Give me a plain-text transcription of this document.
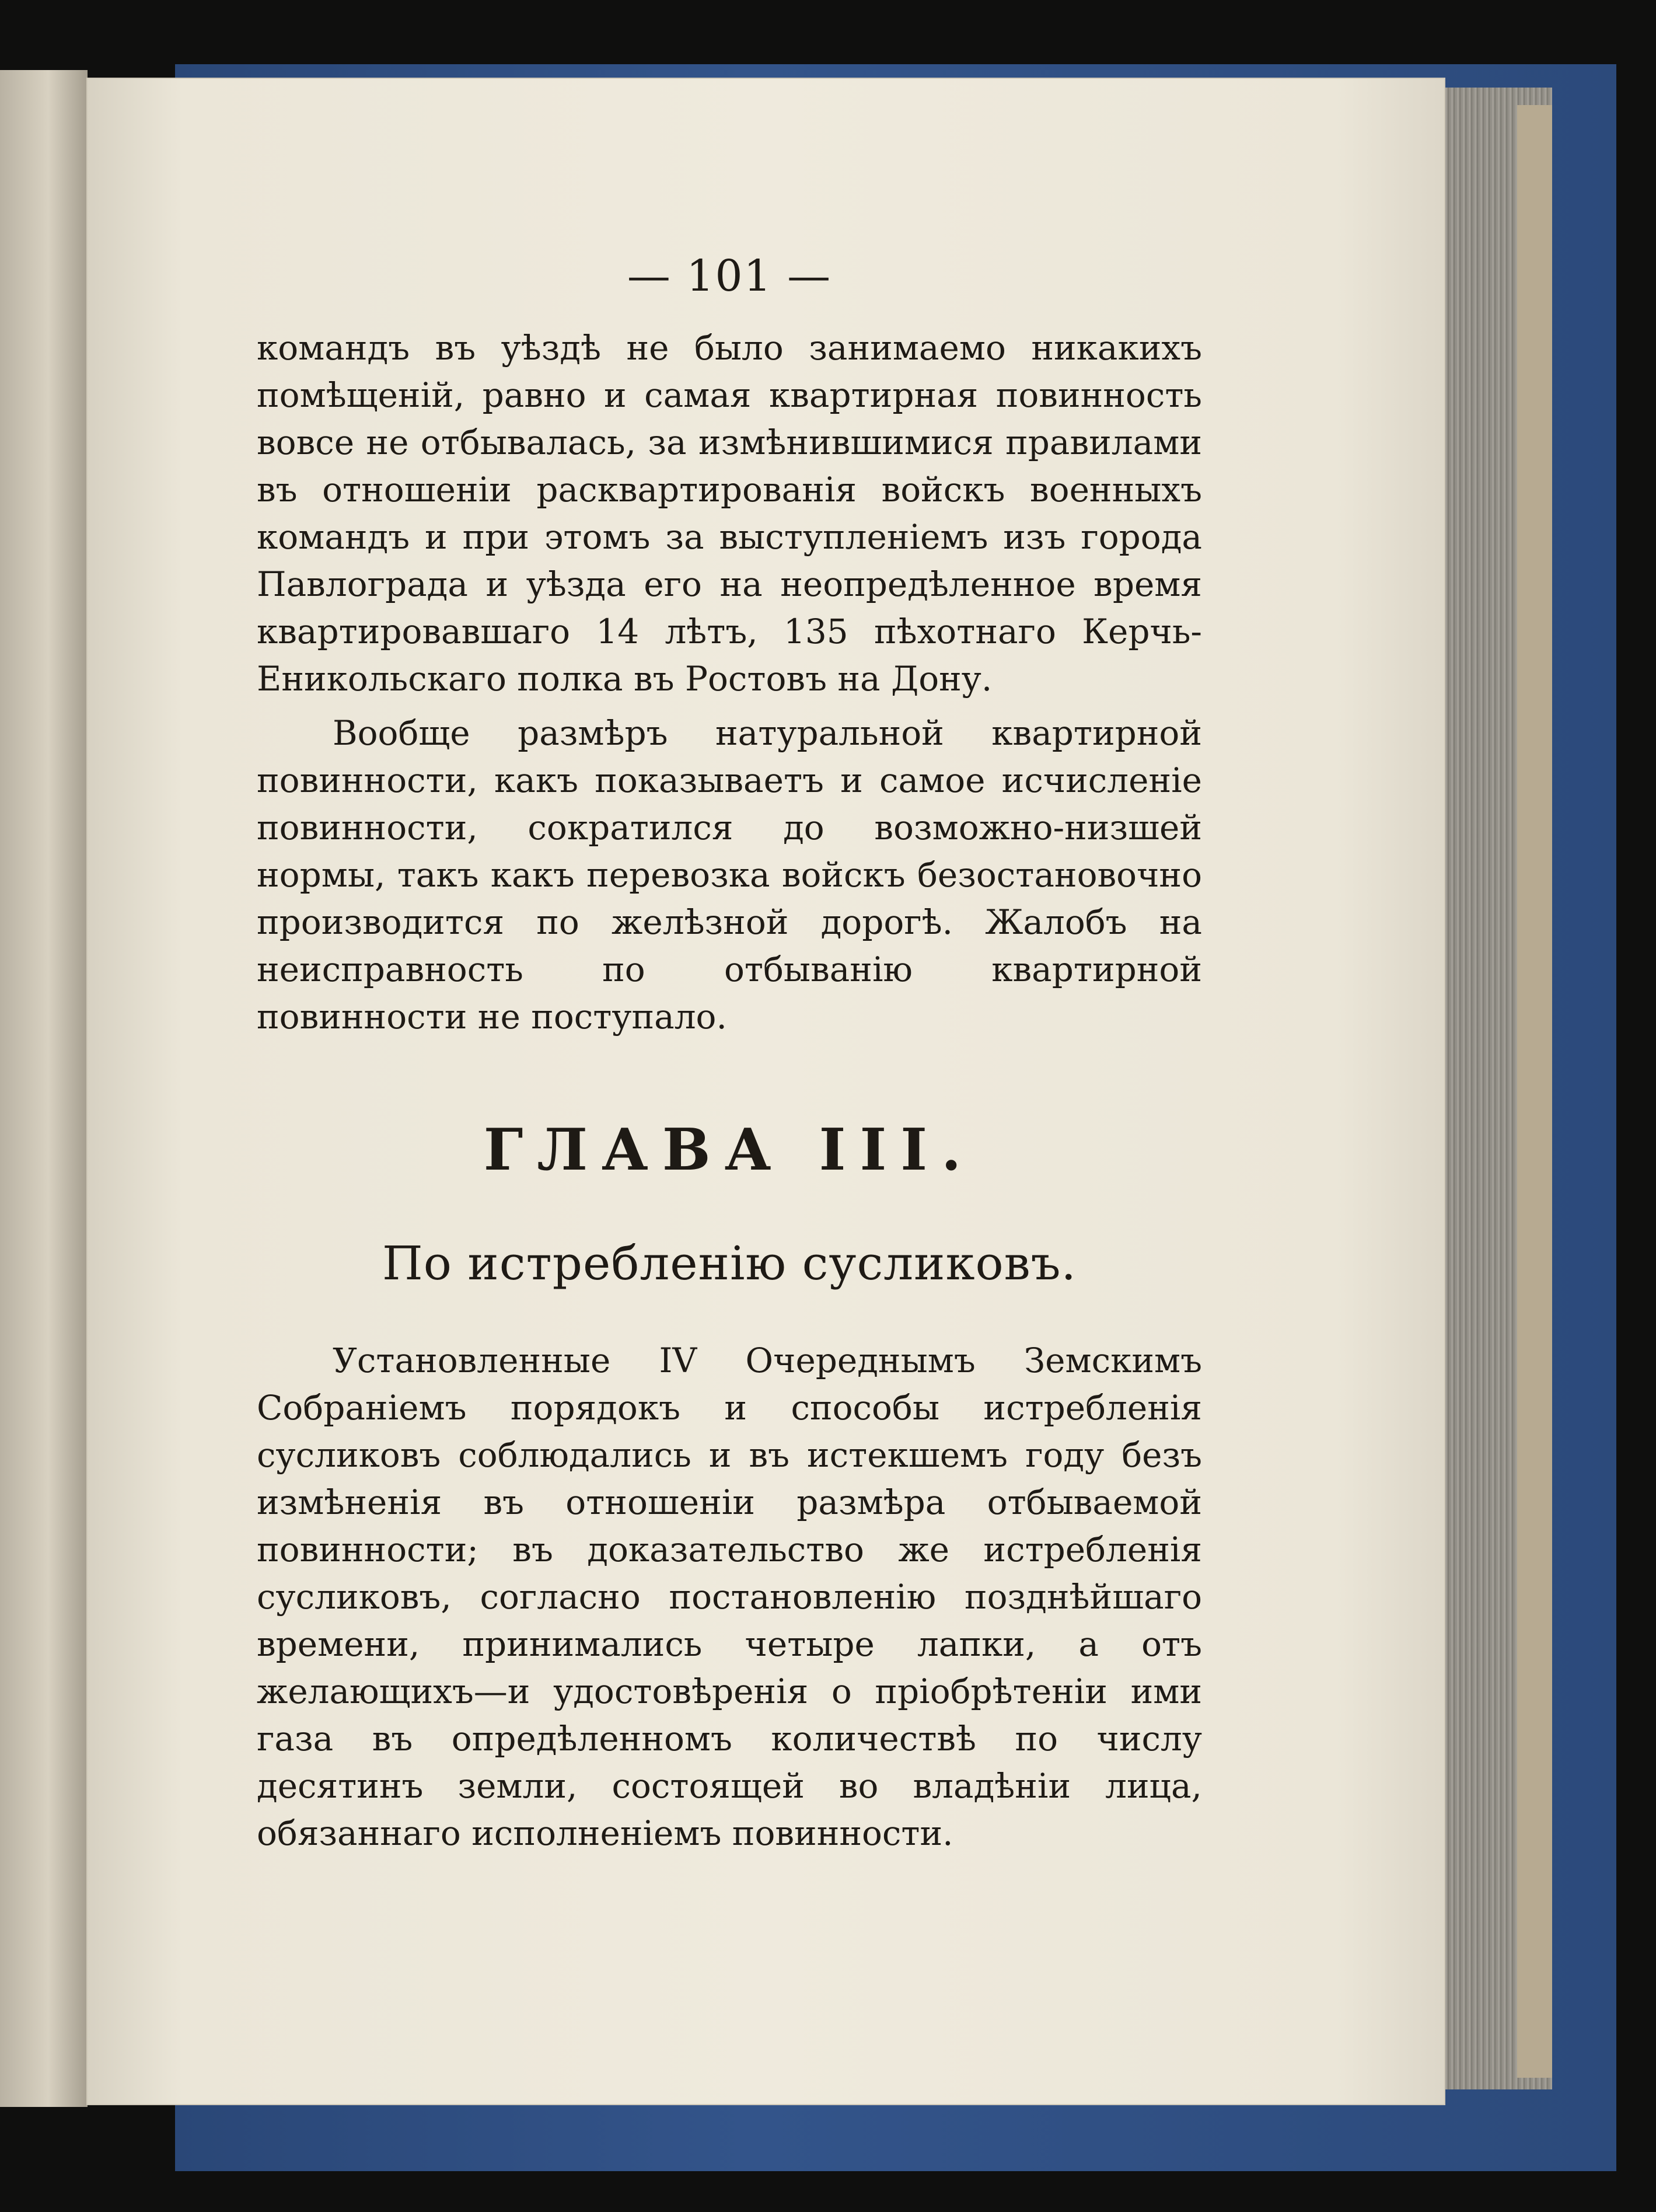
— 101 —

командъ въ уѣздѣ не было занимаемо никакихъ помѣщеній, равно и самая квартирная повинность вовсе не отбывалась, за измѣнившимися правилами въ отношеніи расквартированія войскъ военныхъ командъ и при этомъ за выступленіемъ изъ города Павлограда и уѣзда его на неопредѣленное время квартировавшаго 14 лѣтъ, 135 пѣхотнаго Керчь-Еникольскаго полка въ Ростовъ на Дону.

Вообще размѣръ натуральной квартирной повинности, какъ показываетъ и самое исчисленіе повинности, сократился до возможно-низшей нормы, такъ какъ перевозка войскъ безостановочно производится по желѣзной дорогѣ. Жалобъ на неисправность по отбыванію квартирной повинности не поступало.

ГЛАВА III.
По истребленію сусликовъ.

Установленные IV Очереднымъ Земскимъ Собраніемъ порядокъ и способы истребленія сусликовъ соблюдались и въ истекшемъ году безъ измѣненія въ отношеніи размѣра отбываемой повинности; въ доказательство же истребленія сусликовъ, согласно постановленію позднѣйшаго времени, принимались четыре лапки, а отъ желающихъ—и удостовѣренія о пріобрѣтеніи ими газа въ опредѣленномъ количествѣ по числу десятинъ земли, состоящей во владѣніи лица, обязаннаго исполненіемъ повинности.
